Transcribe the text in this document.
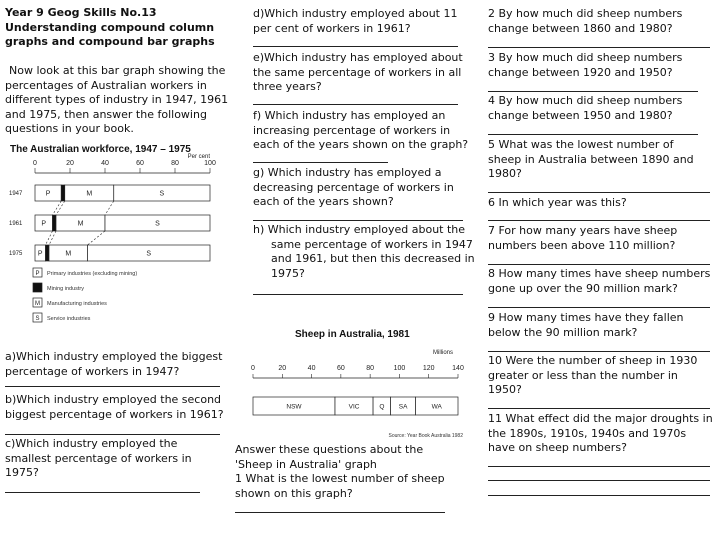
Year 9 Geog Skills No.13
Understanding compound column graphs and compound bar graphs
Now look at this bar graph showing the percentages of Australian workers in different types of industry in 1947, 1961 and 1975, then answer the following questions in your book.
The Australian workforce, 1947 – 1975
0	20	40	60	80	100
Per cent
1947	P	M	S
1961	P	M	S
1975 P	M	S
P Primary industries (excluding mining)
Mining industry
M Manufacturing industries
S Service industries
a)Which industry employed the biggest percentage of workers in 1947?
b)Which industry employed the second biggest percentage of workers in 1961?
c)Which industry employed the smallest percentage of workers in 1975?
d)Which industry employed about 11 per cent of workers in 1961?
e)Which industry has employed about the same percentage of workers in all three years?
f) Which industry has employed an increasing percentage of workers in each of the years shown on the graph?
g) Which industry has employed a decreasing percentage of workers in each of the years shown?
h) Which industry employed about the same percentage of workers in 1947 and 1961, but then this decreased in 1975?
Sheep in Australia, 1981
Millions
0	20	40	60	80	100	120	140
NSW	VIC	Q SA	WA
Source: Year Book Australia 1982
Answer these questions about the 'Sheep in Australia' graph
1 What is the lowest number of sheep shown on this graph?
2 By how much did sheep numbers change between 1860 and 1980?
3 By how much did sheep numbers change between 1920 and 1950?
4 By how much did sheep numbers change between 1950 and 1980?
5 What was the lowest number of sheep in Australia between 1890 and 1980?
6 In which year was this?
7 For how many years have sheep numbers been above 110 million?
8 How many times have sheep numbers gone up over the 90 million mark?
9 How many times have they fallen below the 90 million mark?
10 Were the number of sheep in 1930 greater or less than the number in 1950?
11 What effect did the major droughts in the 1890s, 1910s, 1940s and 1970s have on sheep numbers?
